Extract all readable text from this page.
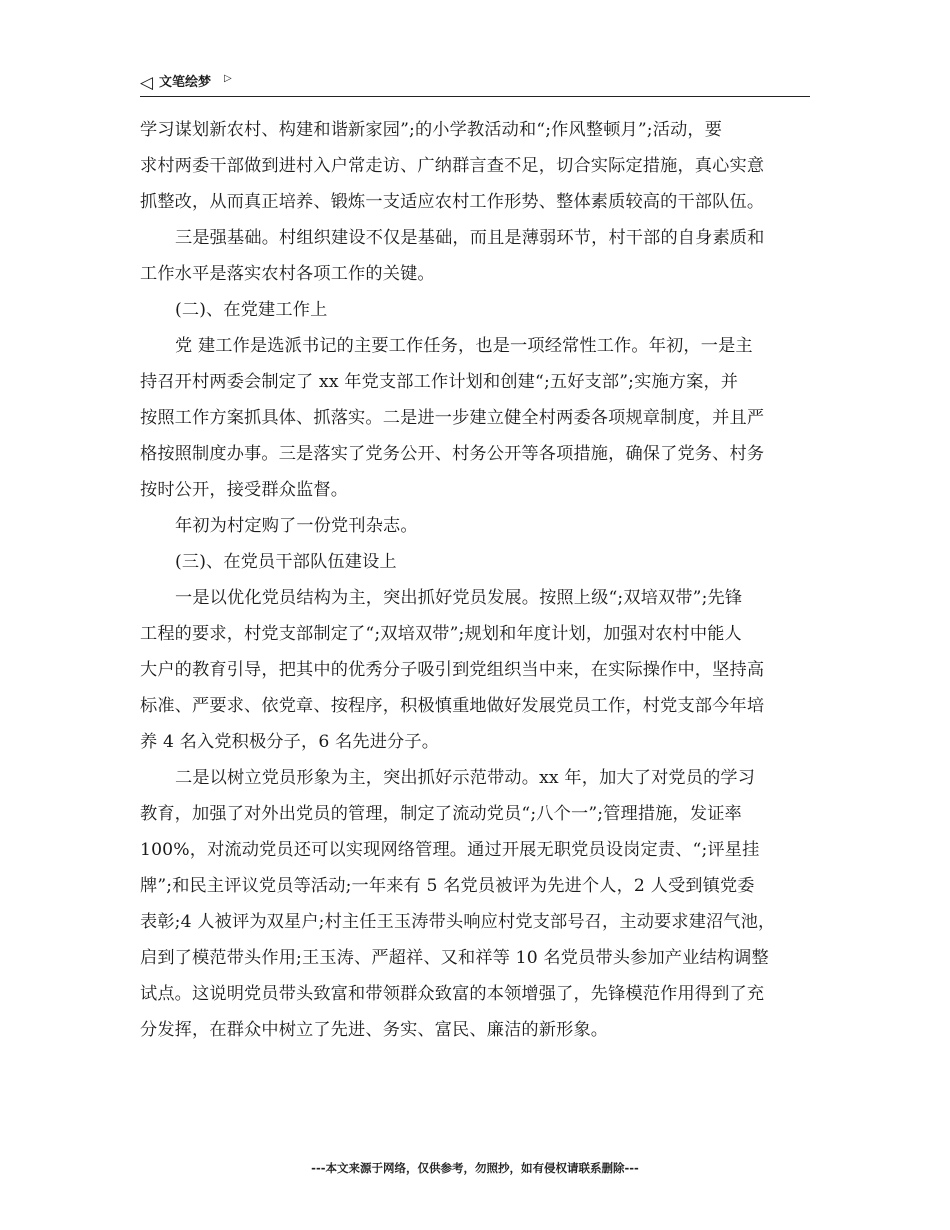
◁ 文笔绘梦 ▷
学习谋划新农村、构建和谐新家园”;的小学教活动和“;作风整顿月”;活动，要
求村两委干部做到进村入户常走访、广纳群言查不足，切合实际定措施，真心实意
抓整改，从而真正培养、锻炼一支适应农村工作形势、整体素质较高的干部队伍。
三是强基础。村组织建设不仅是基础，而且是薄弱环节，村干部的自身素质和
工作水平是落实农村各项工作的关键。
(二)、在党建工作上
党 建工作是选派书记的主要工作任务，也是一项经常性工作。年初，一是主
持召开村两委会制定了 xx 年党支部工作计划和创建“;五好支部”;实施方案，并
按照工作方案抓具体、抓落实。二是进一步建立健全村两委各项规章制度，并且严
格按照制度办事。三是落实了党务公开、村务公开等各项措施，确保了党务、村务
按时公开，接受群众监督。
年初为村定购了一份党刊杂志。
(三)、在党员干部队伍建设上
一是以优化党员结构为主，突出抓好党员发展。按照上级“;双培双带”;先锋
工程的要求，村党支部制定了“;双培双带”;规划和年度计划，加强对农村中能人
大户的教育引导，把其中的优秀分子吸引到党组织当中来，在实际操作中，坚持高
标准、严要求、依党章、按程序，积极慎重地做好发展党员工作，村党支部今年培
养 4 名入党积极分子，6 名先进分子。
二是以树立党员形象为主，突出抓好示范带动。xx 年，加大了对党员的学习
教育，加强了对外出党员的管理，制定了流动党员“;八个一”;管理措施，发证率
100%，对流动党员还可以实现网络管理。通过开展无职党员设岗定责、“;评星挂
牌”;和民主评议党员等活动;一年来有 5 名党员被评为先进个人，2 人受到镇党委
表彰;4 人被评为双星户;村主任王玉涛带头响应村党支部号召，主动要求建沼气池，
启到了模范带头作用;王玉涛、严超祥、又和祥等 10 名党员带头参加产业结构调整
试点。这说明党员带头致富和带领群众致富的本领增强了，先锋模范作用得到了充
分发挥，在群众中树立了先进、务实、富民、廉洁的新形象。
---本文来源于网络，仅供参考，勿照抄，如有侵权请联系删除---
